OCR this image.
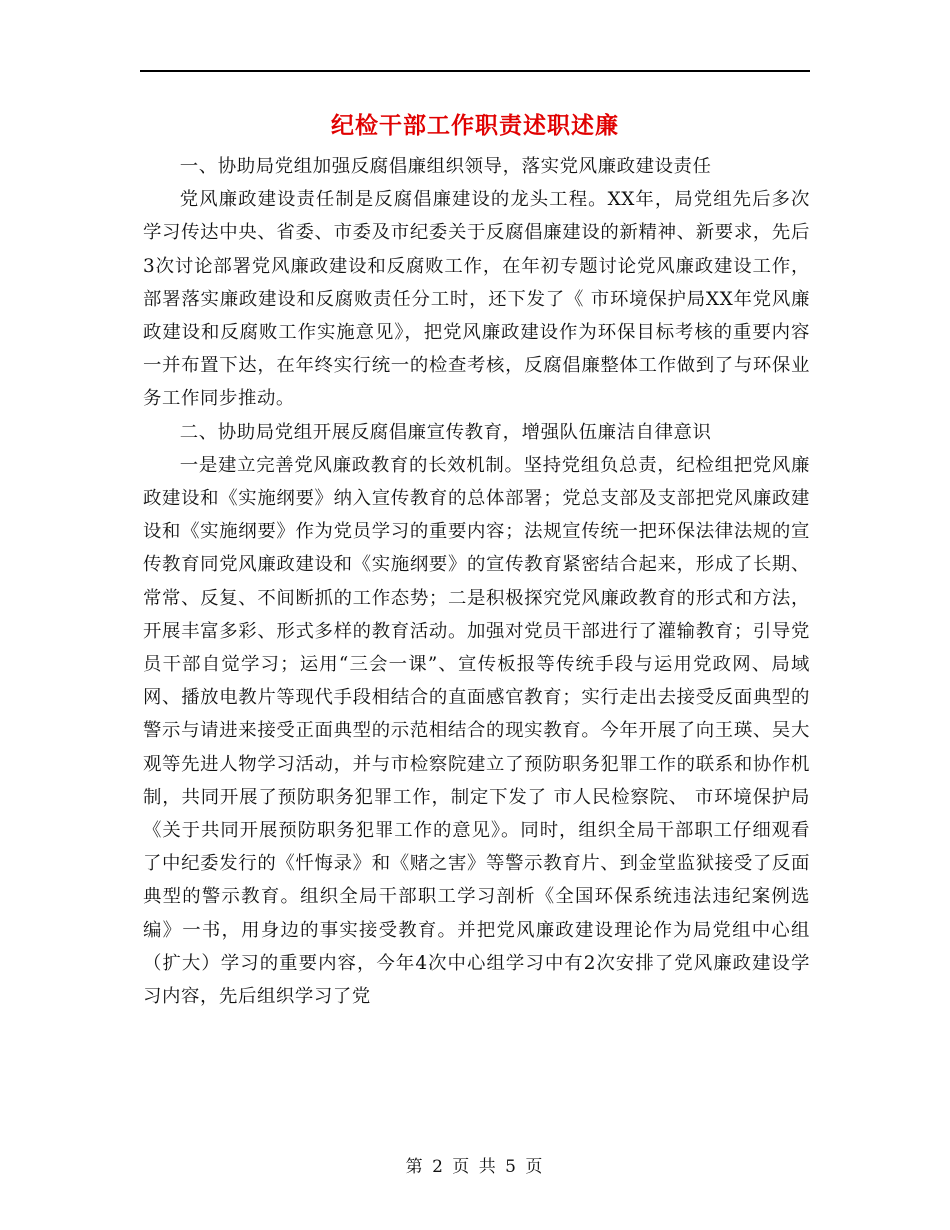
纪检干部工作职责述职述廉

一、协助局党组加强反腐倡廉组织领导，落实党风廉政建设责任

党风廉政建设责任制是反腐倡廉建设的龙头工程。XX年，局党组先后多次学习传达中央、省委、市委及市纪委关于反腐倡廉建设的新精神、新要求，先后3次讨论部署党风廉政建设和反腐败工作，在年初专题讨论党风廉政建设工作，部署落实廉政建设和反腐败责任分工时，还下发了《 市环境保护局XX年党风廉政建设和反腐败工作实施意见》，把党风廉政建设作为环保目标考核的重要内容一并布置下达，在年终实行统一的检查考核，反腐倡廉整体工作做到了与环保业务工作同步推动。

二、协助局党组开展反腐倡廉宣传教育，增强队伍廉洁自律意识

一是建立完善党风廉政教育的长效机制。坚持党组负总责，纪检组把党风廉政建设和《实施纲要》纳入宣传教育的总体部署；党总支部及支部把党风廉政建设和《实施纲要》作为党员学习的重要内容；法规宣传统一把环保法律法规的宣传教育同党风廉政建设和《实施纲要》的宣传教育紧密结合起来，形成了长期、常常、反复、不间断抓的工作态势；二是积极探究党风廉政教育的形式和方法，开展丰富多彩、形式多样的教育活动。加强对党员干部进行了灌输教育；引导党员干部自觉学习；运用“三会一课”、宣传板报等传统手段与运用党政网、局域网、播放电教片等现代手段相结合的直面感官教育；实行走出去接受反面典型的警示与请进来接受正面典型的示范相结合的现实教育。今年开展了向王瑛、吴大观等先进人物学习活动，并与市检察院建立了预防职务犯罪工作的联系和协作机制，共同开展了预防职务犯罪工作，制定下发了 市人民检察院、 市环境保护局《关于共同开展预防职务犯罪工作的意见》。同时，组织全局干部职工仔细观看了中纪委发行的《忏悔录》和《赌之害》等警示教育片、到金堂监狱接受了反面典型的警示教育。组织全局干部职工学习剖析《全国环保系统违法违纪案例选编》一书，用身边的事实接受教育。并把党风廉政建设理论作为局党组中心组（扩大）学习的重要内容，今年4次中心组学习中有2次安排了党风廉政建设学习内容，先后组织学习了党

第 2 页 共 5 页
